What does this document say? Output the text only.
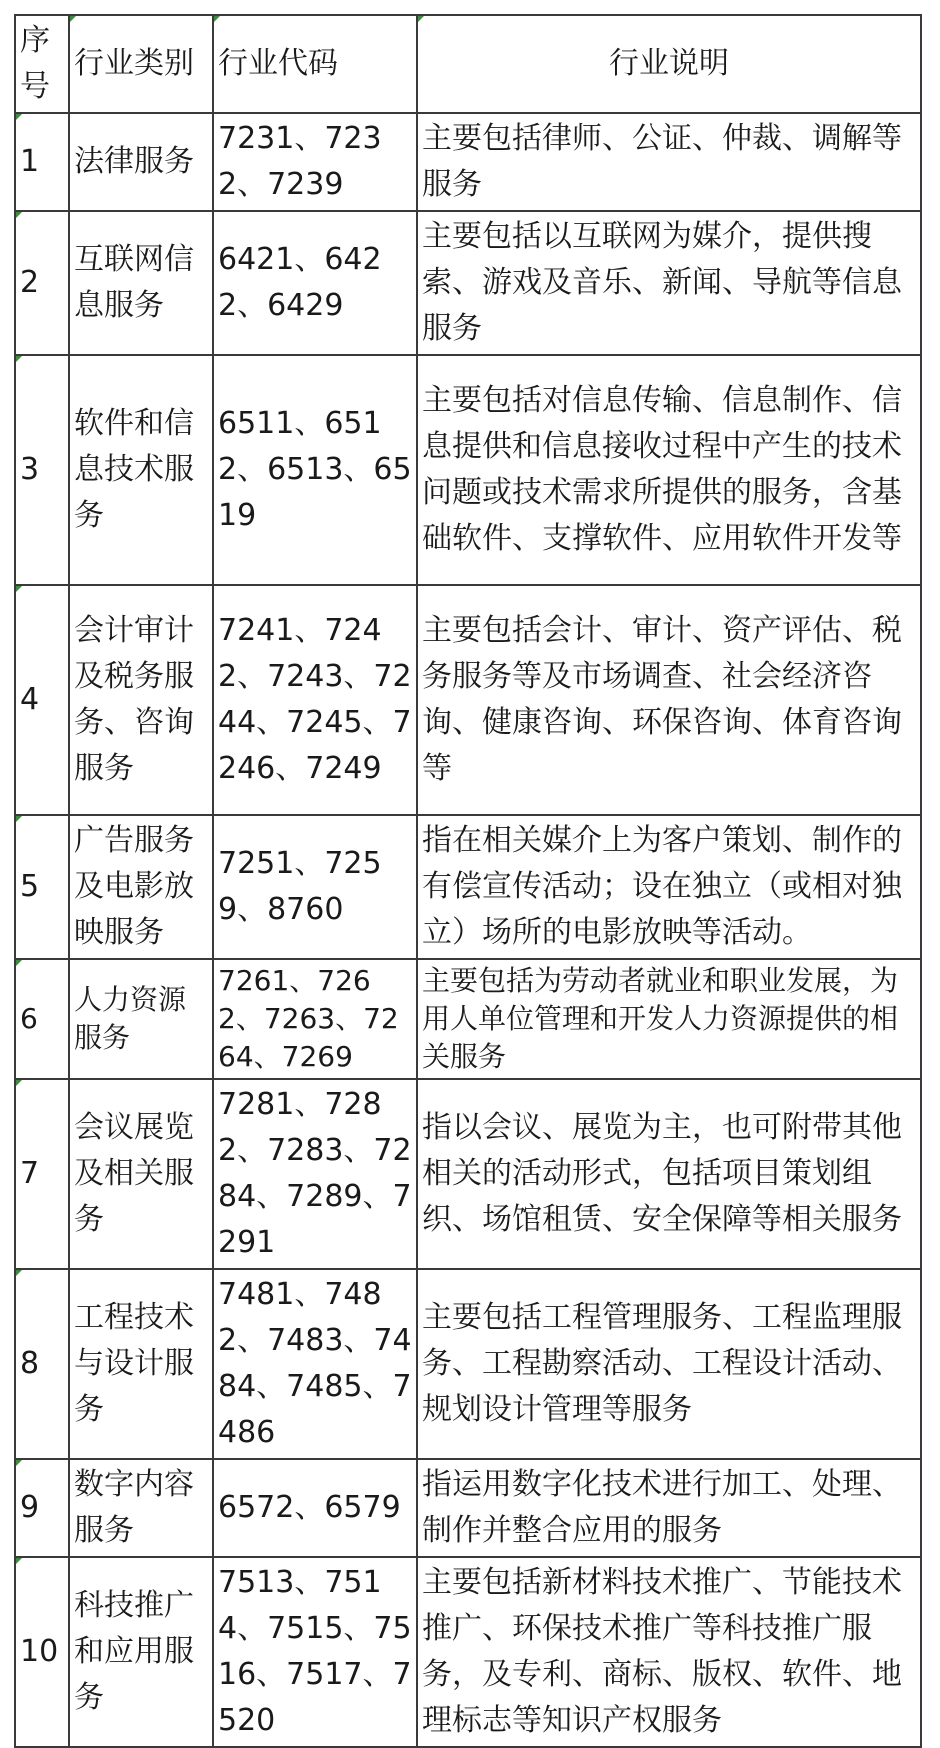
序号	行业类别	行业代码	行业说明
1	法律服务	7231、7232、7239	主要包括律师、公证、仲裁、调解等服务
2	互联网信息服务	6421、6422、6429	主要包括以互联网为媒介，提供搜索、游戏及音乐、新闻、导航等信息服务
3	软件和信息技术服务	6511、6512、6513、6519	主要包括对信息传输、信息制作、信息提供和信息接收过程中产生的技术问题或技术需求所提供的服务，含基础软件、支撑软件、应用软件开发等
4	会计审计及税务服务、咨询服务	7241、7242、7243、7244、7245、7246、7249	主要包括会计、审计、资产评估、税务服务等及市场调查、社会经济咨询、健康咨询、环保咨询、体育咨询等
5	广告服务及电影放映服务	7251、7259、8760	指在相关媒介上为客户策划、制作的有偿宣传活动；设在独立（或相对独立）场所的电影放映等活动。
6	人力资源服务	7261、7262、7263、7264、7269	主要包括为劳动者就业和职业发展，为用人单位管理和开发人力资源提供的相关服务
7	会议展览及相关服务	7281、7282、7283、7284、7289、7291	指以会议、展览为主，也可附带其他相关的活动形式，包括项目策划组织、场馆租赁、安全保障等相关服务
8	工程技术与设计服务	7481、7482、7483、7484、7485、7486	主要包括工程管理服务、工程监理服务、工程勘察活动、工程设计活动、规划设计管理等服务
9	数字内容服务	6572、6579	指运用数字化技术进行加工、处理、制作并整合应用的服务
10	科技推广和应用服务	7513、7514、7515、7516、7517、7520	主要包括新材料技术推广、节能技术推广、环保技术推广等科技推广服务，及专利、商标、版权、软件、地理标志等知识产权服务
